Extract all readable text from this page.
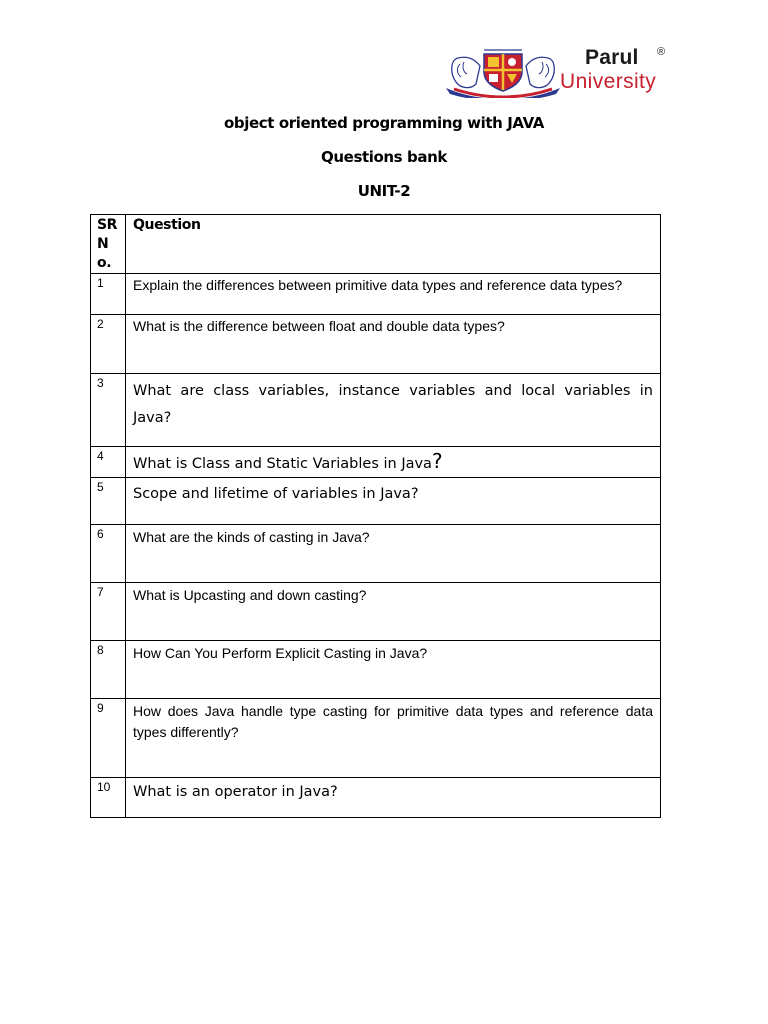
Parul ®
University
object oriented programming with JAVA
Questions bank
UNIT-2
SR No.	Question
1	Explain the differences between primitive data types and reference data types?
2	What is the difference between float and double data types?
3	What are class variables, instance variables and local variables in Java?
4	What is Class and Static Variables in Java?
5	Scope and lifetime of variables in Java?
6	What are the kinds of casting in Java?
7	What is Upcasting and down casting?
8	How Can You Perform Explicit Casting in Java?
9	How does Java handle type casting for primitive data types and reference data types differently?
10	What is an operator in Java?
